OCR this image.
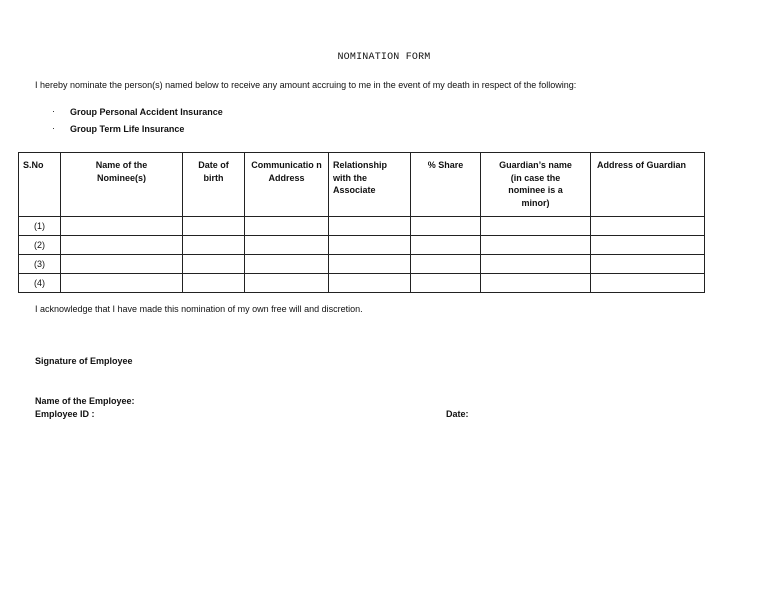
NOMINATION FORM
I hereby nominate the person(s) named below to receive any amount accruing to me in the event of my death in respect of the following:
· Group Personal Accident Insurance
· Group Term Life Insurance
S.No	Name of the Nominee(s)	Date of birth	Communicatio n Address	Relationship with the Associate	% Share	Guardian’s name (in case the nominee is a minor)	Address of Guardian
(1)							
(2)							
(3)							
(4)							
I acknowledge that I have made this nomination of my own free will and discretion.
Signature of Employee
Name of the Employee:
Employee ID :	Date:
